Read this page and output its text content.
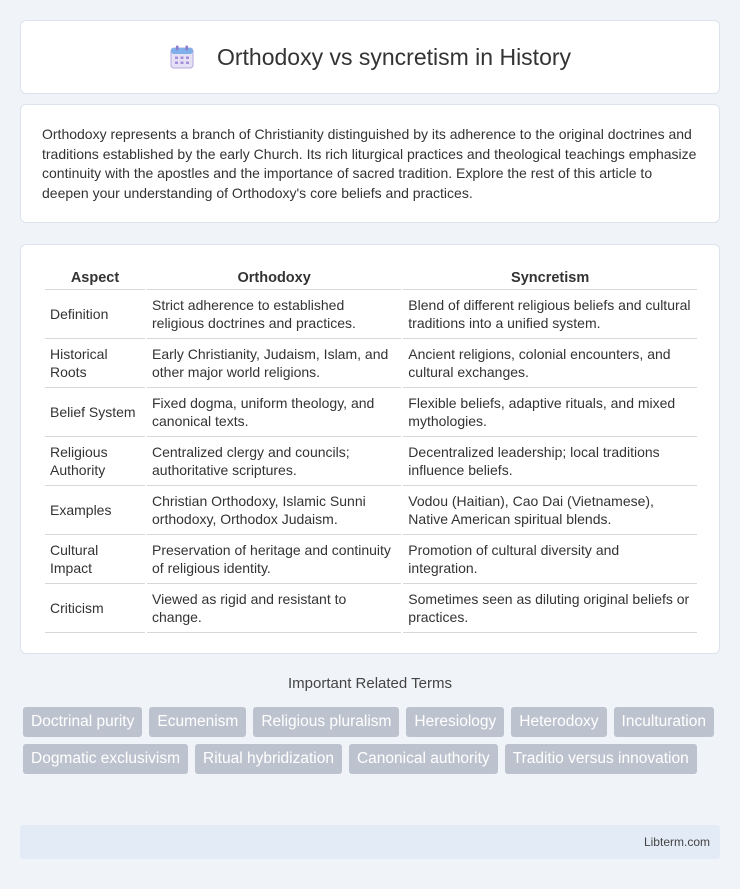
Orthodoxy vs syncretism in History

Orthodoxy represents a branch of Christianity distinguished by its adherence to the original doctrines and traditions established by the early Church. Its rich liturgical practices and theological teachings emphasize continuity with the apostles and the importance of sacred tradition. Explore the rest of this article to deepen your understanding of Orthodoxy's core beliefs and practices.

Aspect	Orthodoxy	Syncretism
Definition	Strict adherence to established religious doctrines and practices.	Blend of different religious beliefs and cultural traditions into a unified system.
Historical Roots	Early Christianity, Judaism, Islam, and other major world religions.	Ancient religions, colonial encounters, and cultural exchanges.
Belief System	Fixed dogma, uniform theology, and canonical texts.	Flexible beliefs, adaptive rituals, and mixed mythologies.
Religious Authority	Centralized clergy and councils; authoritative scriptures.	Decentralized leadership; local traditions influence beliefs.
Examples	Christian Orthodoxy, Islamic Sunni orthodoxy, Orthodox Judaism.	Vodou (Haitian), Cao Dai (Vietnamese), Native American spiritual blends.
Cultural Impact	Preservation of heritage and continuity of religious identity.	Promotion of cultural diversity and integration.
Criticism	Viewed as rigid and resistant to change.	Sometimes seen as diluting original beliefs or practices.
Important Related Terms
Doctrinal purity	Ecumenism	Religious pluralism	Heresiology	Heterodoxy	Inculturation
Dogmatic exclusivism	Ritual hybridization	Canonical authority	Traditio versus innovation
Libterm.com
